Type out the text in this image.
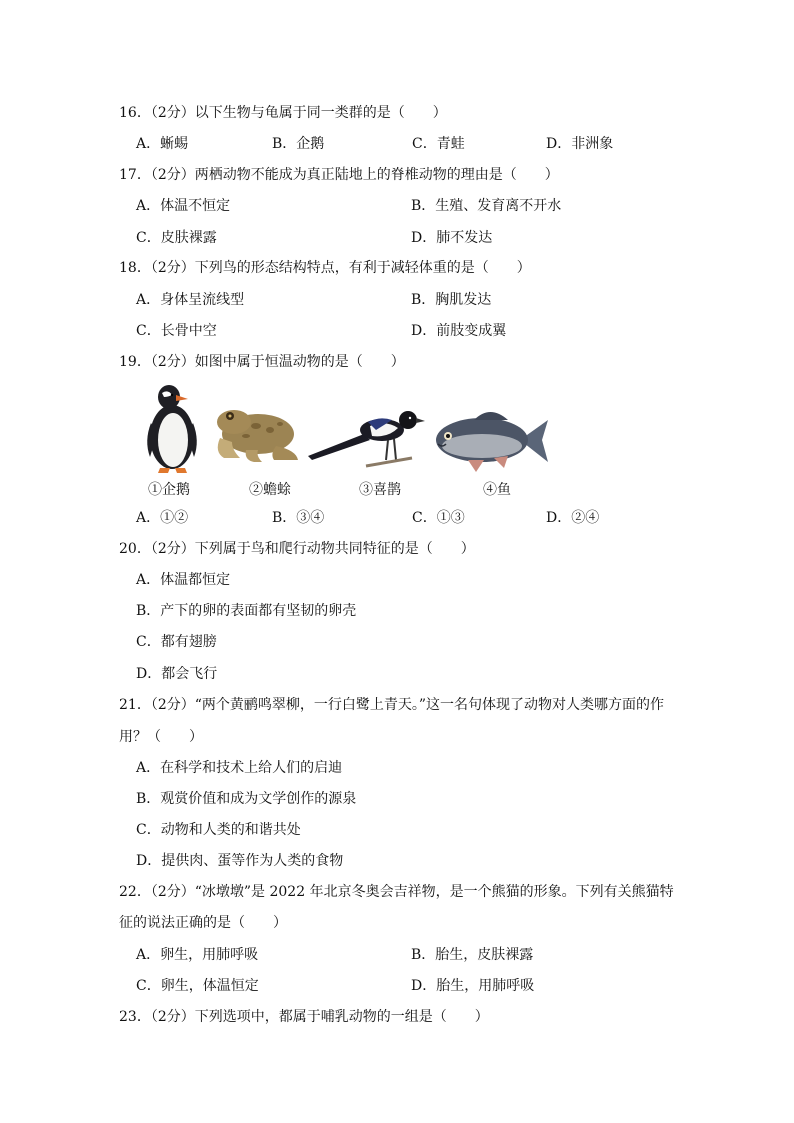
16．（2分）以下生物与龟属于同一类群的是（　　）
A．蜥蜴	B．企鹅	C．青蛙	D．非洲象
17．（2分）两栖动物不能成为真正陆地上的脊椎动物的理由是（　　）
A．体温不恒定	B．生殖、发育离不开水
C．皮肤裸露	D．肺不发达
18．（2分）下列鸟的形态结构特点，有利于减轻体重的是（　　）
A．身体呈流线型	B．胸肌发达
C．长骨中空	D．前肢变成翼
19．（2分）如图中属于恒温动物的是（　　）
①企鹅	②蟾蜍	③喜鹊	④鱼
A．①②	B．③④	C．①③	D．②④
20．（2分）下列属于鸟和爬行动物共同特征的是（　　）
A．体温都恒定
B．产下的卵的表面都有坚韧的卵壳
C．都有翅膀
D．都会飞行
21．（2分）“两个黄鹂鸣翠柳，一行白鹭上青天。”这一名句体现了动物对人类哪方面的作
用？（　　）
A．在科学和技术上给人们的启迪
B．观赏价值和成为文学创作的源泉
C．动物和人类的和谐共处
D．提供肉、蛋等作为人类的食物
22．（2分）“冰墩墩”是 2022 年北京冬奥会吉祥物，是一个熊猫的形象。下列有关熊猫特
征的说法正确的是（　　）
A．卵生，用肺呼吸	B．胎生，皮肤裸露
C．卵生，体温恒定	D．胎生，用肺呼吸
23．（2分）下列选项中，都属于哺乳动物的一组是（　　）
